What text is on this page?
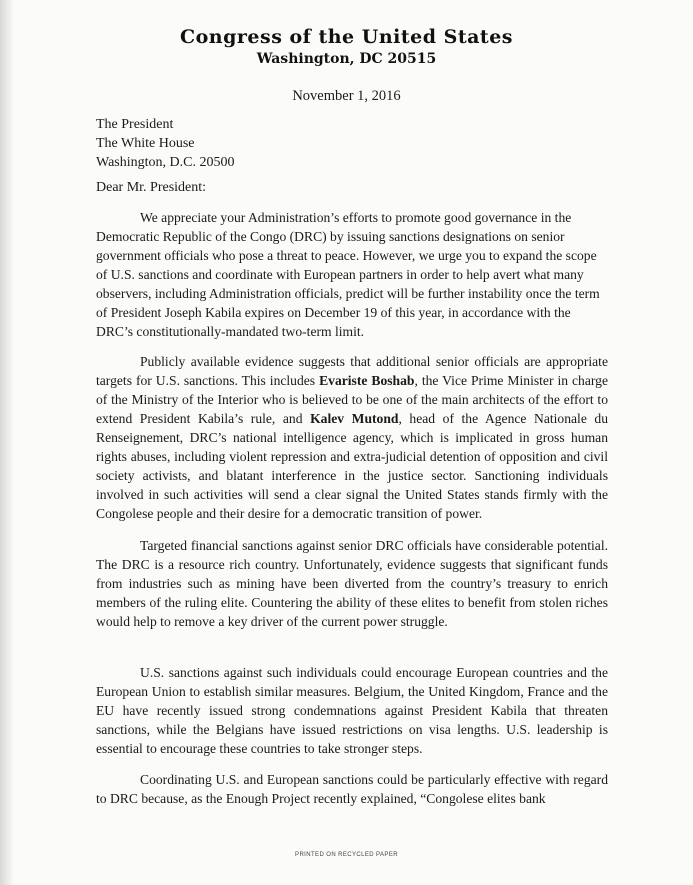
Congress of the United States
Washington, DC 20515
November 1, 2016
The President
The White House
Washington, D.C. 20500
Dear Mr. President:
We appreciate your Administration’s efforts to promote good governance in the Democratic Republic of the Congo (DRC) by issuing sanctions designations on senior government officials who pose a threat to peace. However, we urge you to expand the scope of U.S. sanctions and coordinate with European partners in order to help avert what many observers, including Administration officials, predict will be further instability once the term of President Joseph Kabila expires on December 19 of this year, in accordance with the DRC’s constitutionally-mandated two-term limit.
Publicly available evidence suggests that additional senior officials are appropriate targets for U.S. sanctions. This includes Evariste Boshab, the Vice Prime Minister in charge of the Ministry of the Interior who is believed to be one of the main architects of the effort to extend President Kabila’s rule, and Kalev Mutond, head of the Agence Nationale du Renseignement, DRC’s national intelligence agency, which is implicated in gross human rights abuses, including violent repression and extra-judicial detention of opposition and civil society activists, and blatant interference in the justice sector. Sanctioning individuals involved in such activities will send a clear signal the United States stands firmly with the Congolese people and their desire for a democratic transition of power.
Targeted financial sanctions against senior DRC officials have considerable potential. The DRC is a resource rich country. Unfortunately, evidence suggests that significant funds from industries such as mining have been diverted from the country’s treasury to enrich members of the ruling elite. Countering the ability of these elites to benefit from stolen riches would help to remove a key driver of the current power struggle.
U.S. sanctions against such individuals could encourage European countries and the European Union to establish similar measures. Belgium, the United Kingdom, France and the EU have recently issued strong condemnations against President Kabila that threaten sanctions, while the Belgians have issued restrictions on visa lengths. U.S. leadership is essential to encourage these countries to take stronger steps.
Coordinating U.S. and European sanctions could be particularly effective with regard to DRC because, as the Enough Project recently explained, “Congolese elites bank
PRINTED ON RECYCLED PAPER
